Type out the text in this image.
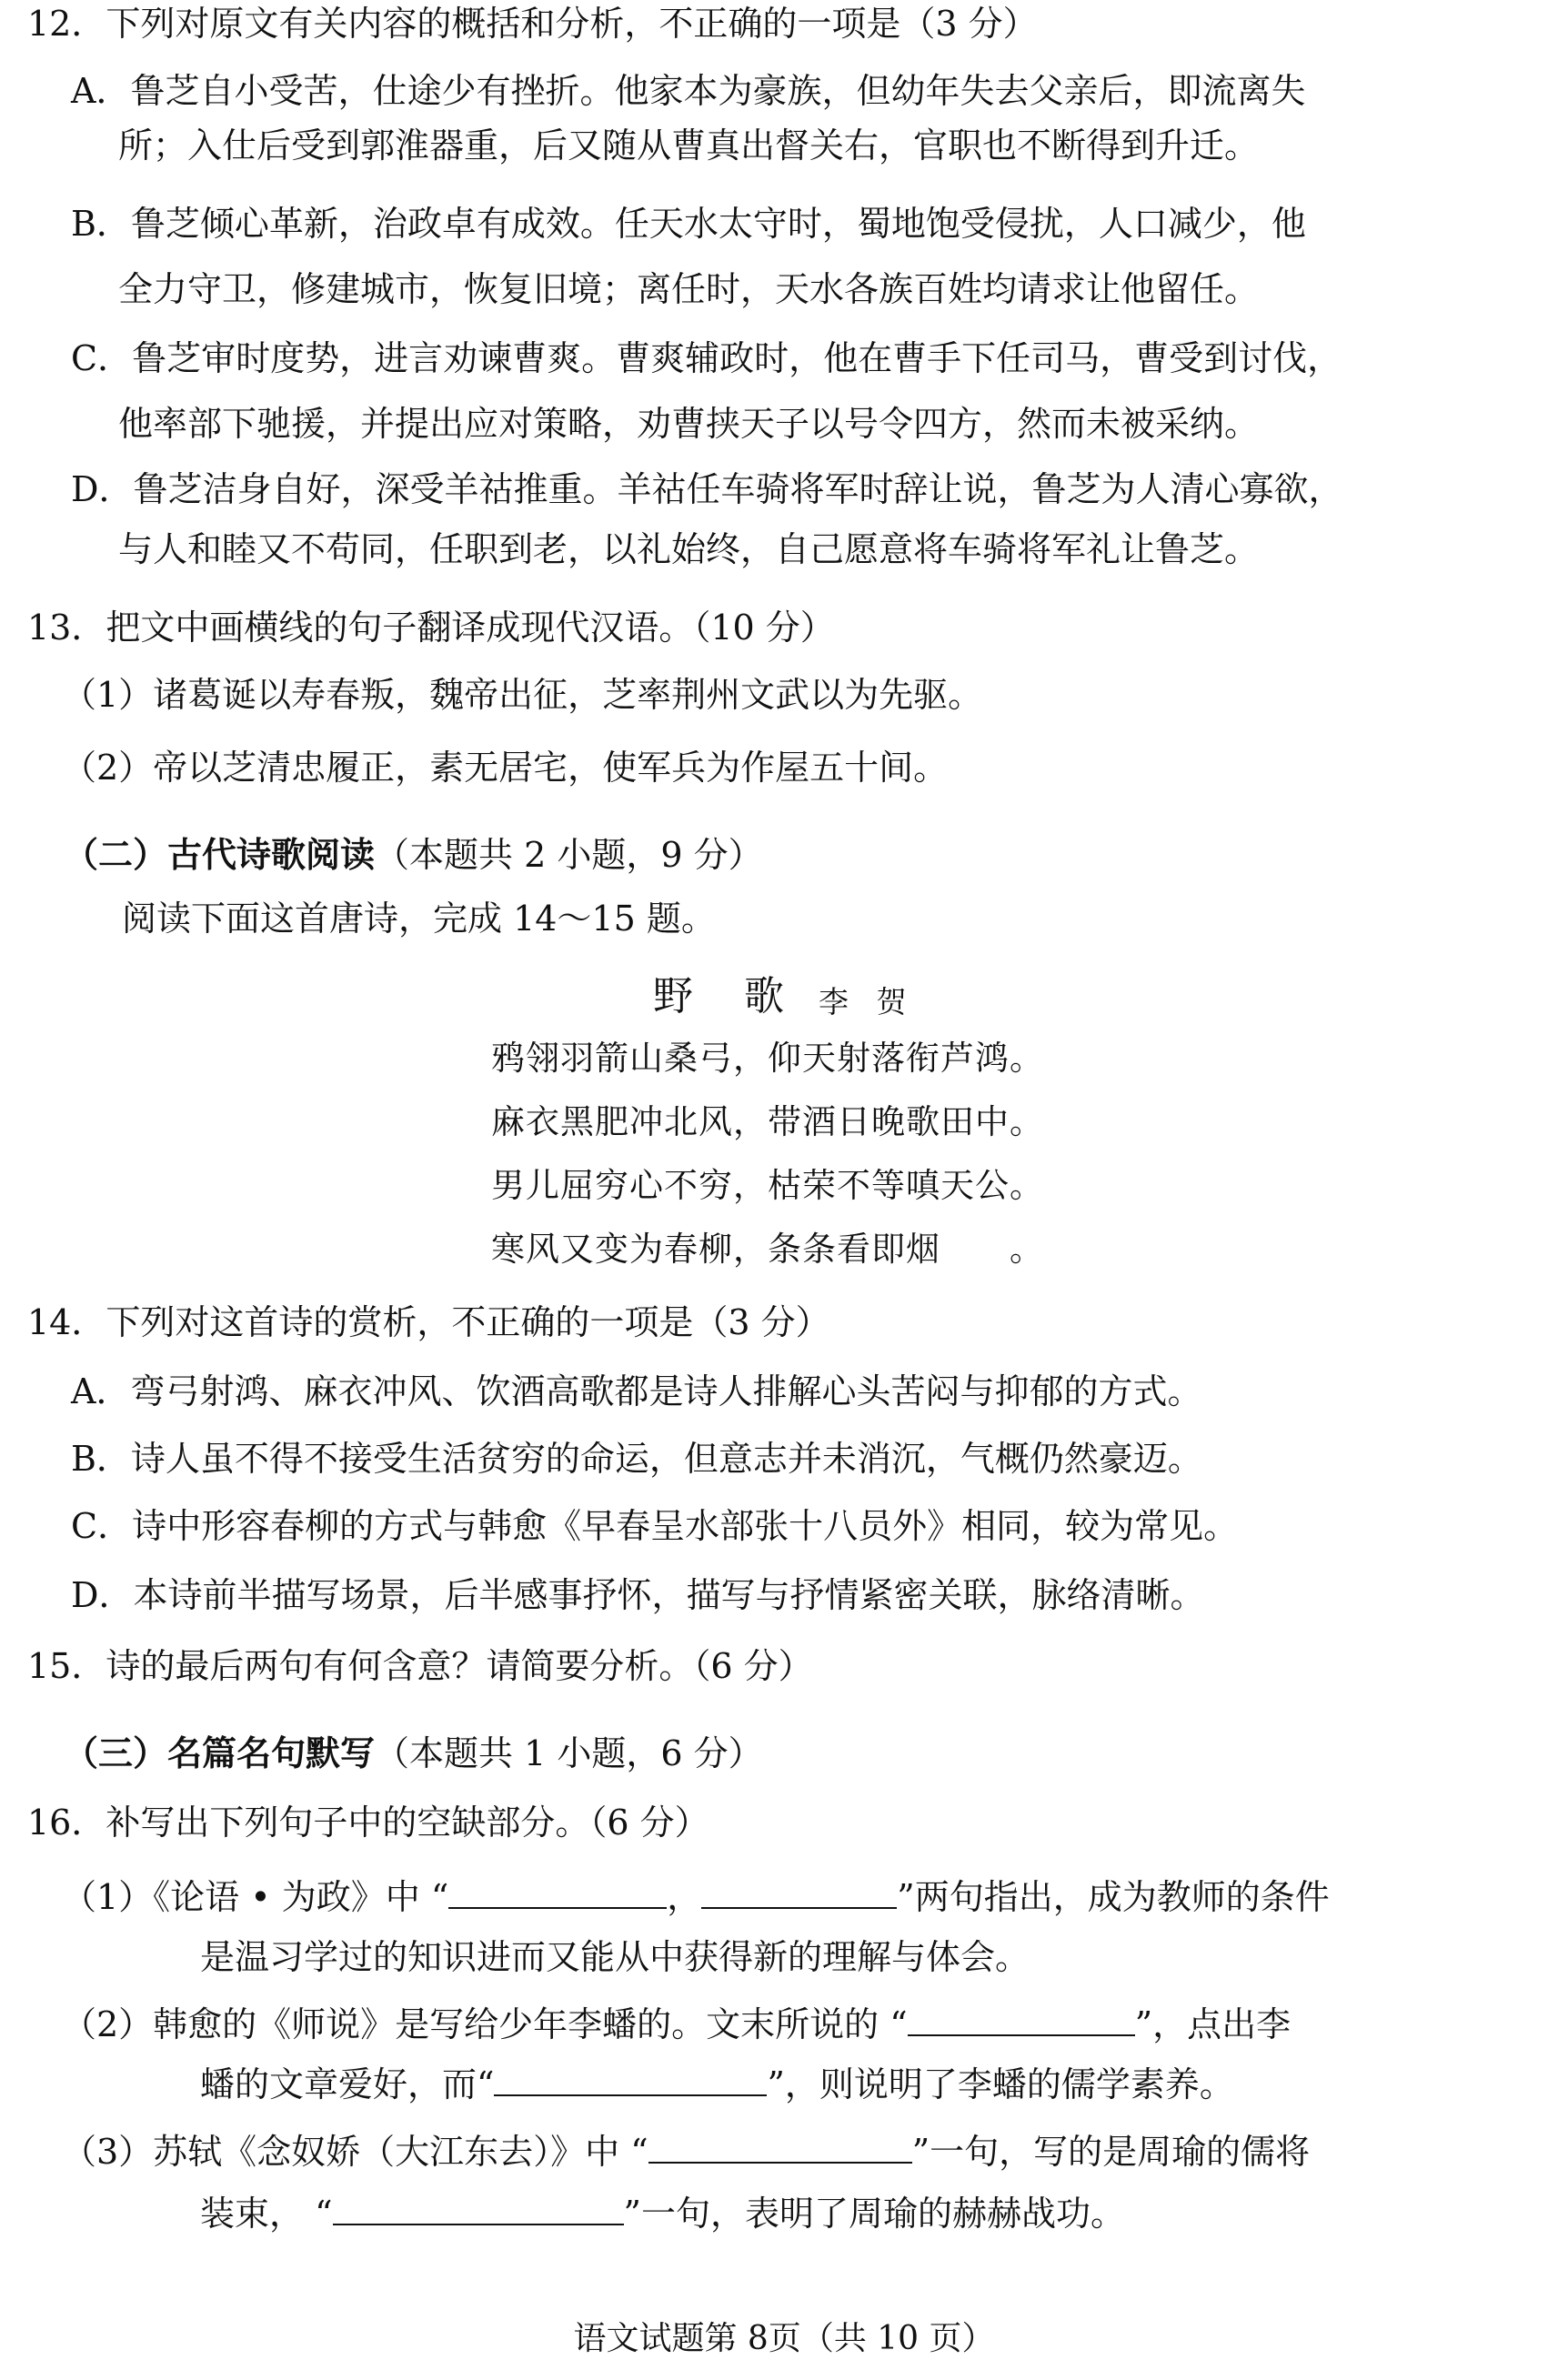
12．下列对原文有关内容的概括和分析，不正确的一项是（3 分）
A．鲁芝自小受苦，仕途少有挫折。他家本为豪族，但幼年失去父亲后，即流离失
所；入仕后受到郭淮器重，后又随从曹真出督关右，官职也不断得到升迁。
B．鲁芝倾心革新，治政卓有成效。任天水太守时，蜀地饱受侵扰，人口减少，他
全力守卫，修建城市，恢复旧境；离任时，天水各族百姓均请求让他留任。
C．鲁芝审时度势，进言劝谏曹爽。曹爽辅政时，他在曹手下任司马，曹受到讨伐，
他率部下驰援，并提出应对策略，劝曹挟天子以号令四方，然而未被采纳。
D．鲁芝洁身自好，深受羊祜推重。羊祜任车骑将军时辞让说，鲁芝为人清心寡欲，
与人和睦又不苟同，任职到老，以礼始终，自己愿意将车骑将军礼让鲁芝。
13．把文中画横线的句子翻译成现代汉语。（10 分）
（1）诸葛诞以寿春叛，魏帝出征，芝率荆州文武以为先驱。
（2）帝以芝清忠履正，素无居宅，使军兵为作屋五十间。
（二）古代诗歌阅读（本题共 2 小题，9 分）
阅读下面这首唐诗，完成 14～15 题。
野　歌 李 贺
鸦翎羽箭山桑弓，仰天射落衔芦鸿。
麻衣黑肥冲北风，带酒日晚歌田中。
男儿屈穷心不穷，枯荣不等嗔天公。
寒风又变为春柳，条条看即烟　　。
14．下列对这首诗的赏析，不正确的一项是（3 分）
A．弯弓射鸿、麻衣冲风、饮酒高歌都是诗人排解心头苦闷与抑郁的方式。
B．诗人虽不得不接受生活贫穷的命运，但意志并未消沉，气概仍然豪迈。
C．诗中形容春柳的方式与韩愈《早春呈水部张十八员外》相同，较为常见。
D．本诗前半描写场景，后半感事抒怀，描写与抒情紧密关联，脉络清晰。
15．诗的最后两句有何含意？请简要分析。（6 分）
（三）名篇名句默写（本题共 1 小题，6 分）
16．补写出下列句子中的空缺部分。（6 分）
（1）《论语 • 为政》中 “	，	”两句指出，成为教师的条件
是温习学过的知识进而又能从中获得新的理解与体会。
（2）韩愈的《师说》是写给少年李蟠的。文末所说的 “	”，点出李
蟠的文章爱好，而“	”，则说明了李蟠的儒学素养。
（3）苏轼《念奴娇（大江东去）》中 “	”一句，写的是周瑜的儒将
装束， “	”一句，表明了周瑜的赫赫战功。
语文试题第 8页（共 10 页）
